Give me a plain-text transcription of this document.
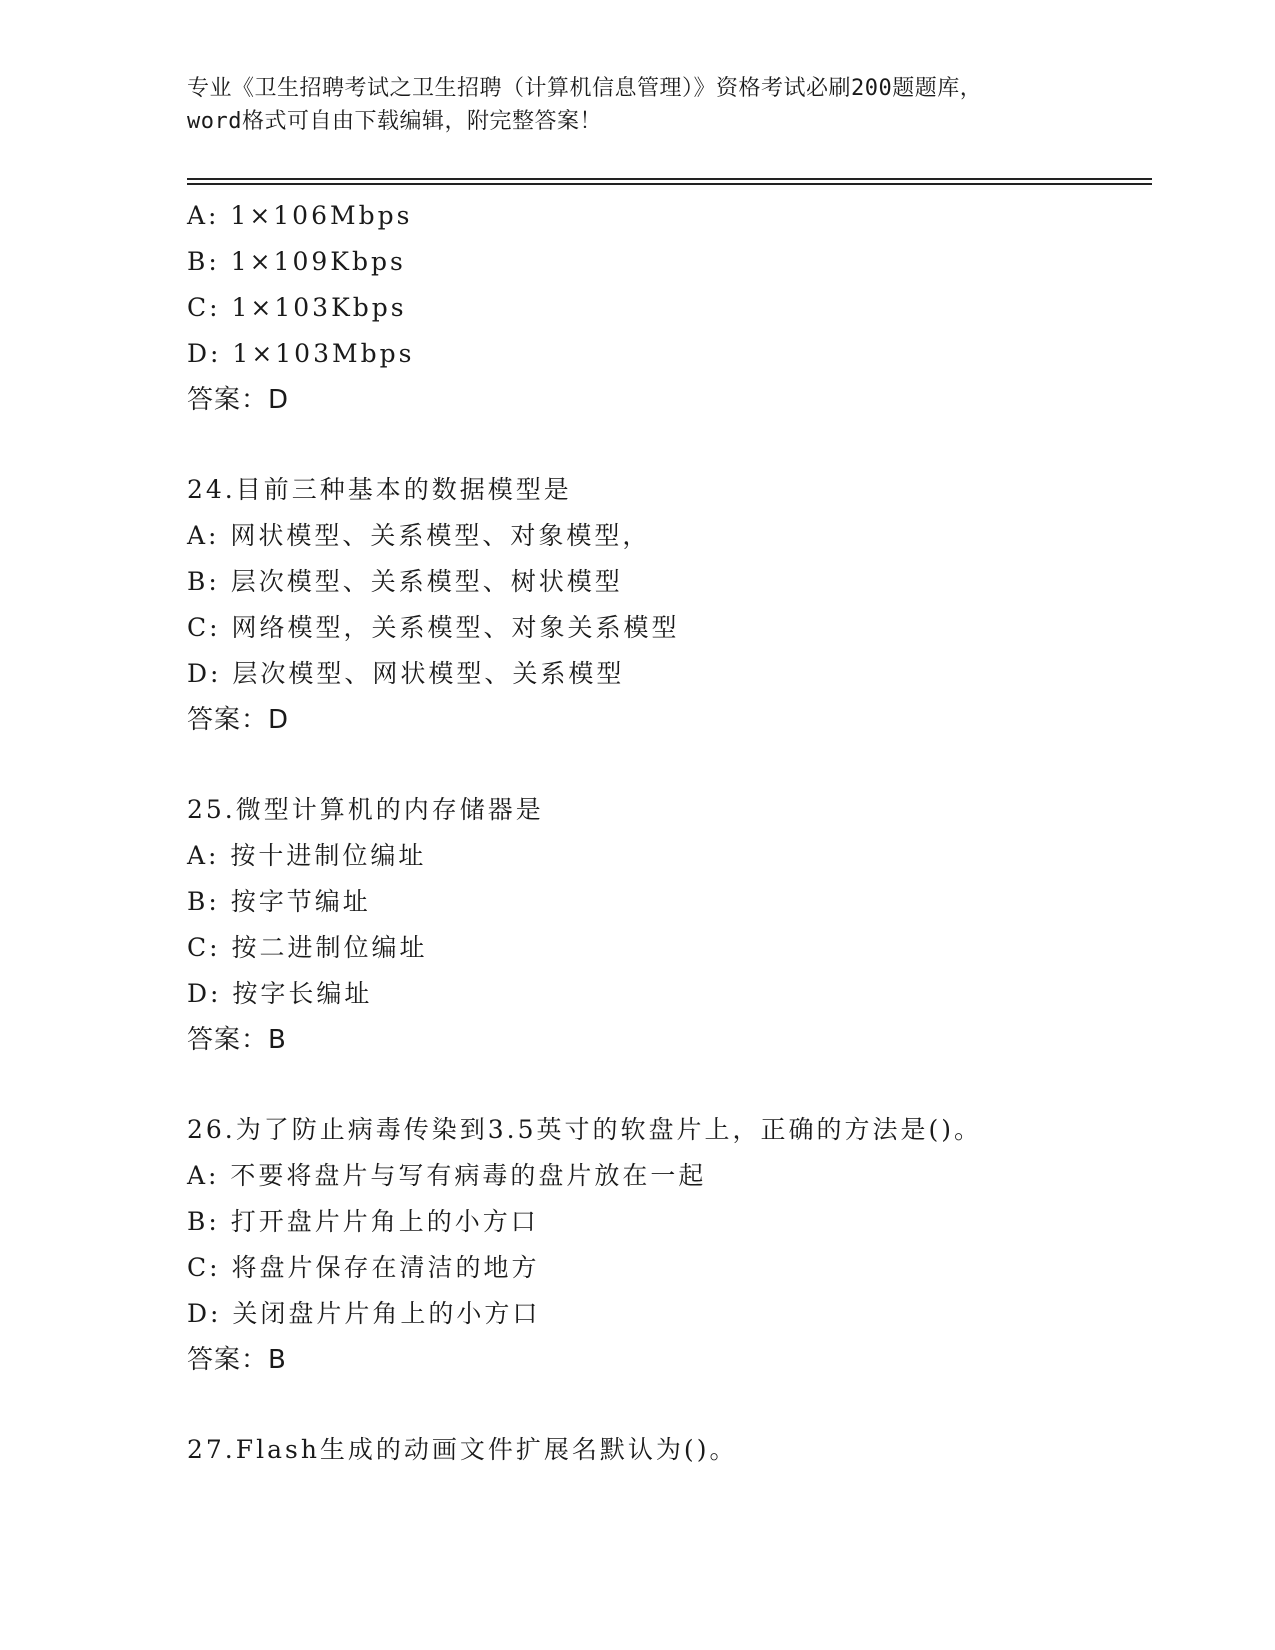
专业《卫生招聘考试之卫生招聘（计算机信息管理）》资格考试必刷200题题库，
word格式可自由下载编辑，附完整答案！
A: 1×106Mbps
B: 1×109Kbps
C: 1×103Kbps
D: 1×103Mbps
答案：D
24.目前三种基本的数据模型是
A: 网状模型、关系模型、对象模型，
B: 层次模型、关系模型、树状模型
C: 网络模型，关系模型、对象关系模型
D: 层次模型、网状模型、关系模型
答案：D
25.微型计算机的内存储器是
A: 按十进制位编址
B: 按字节编址
C: 按二进制位编址
D: 按字长编址
答案：B
26.为了防止病毒传染到3.5英寸的软盘片上，正确的方法是()。
A: 不要将盘片与写有病毒的盘片放在一起
B: 打开盘片片角上的小方口
C: 将盘片保存在清洁的地方
D: 关闭盘片片角上的小方口
答案：B
27.Flash生成的动画文件扩展名默认为()。
